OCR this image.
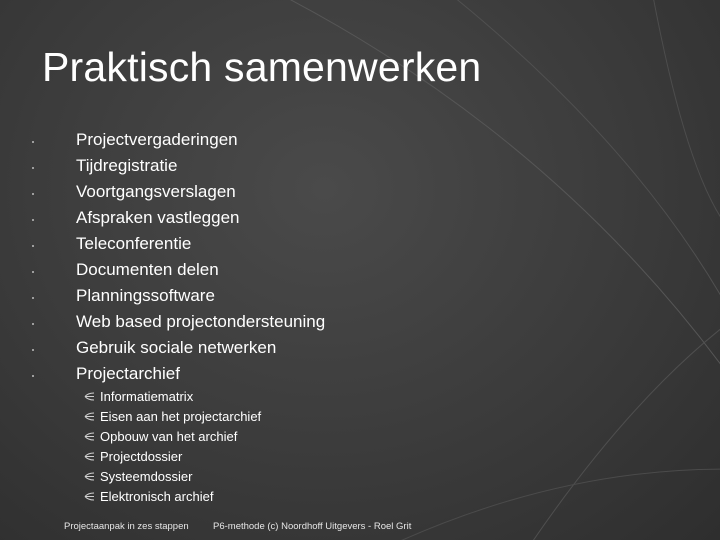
Praktisch samenwerken
Projectvergaderingen
Tijdregistratie
Voortgangsverslagen
Afspraken vastleggen
Teleconferentie
Documenten delen
Planningssoftware
Web based projectondersteuning
Gebruik sociale netwerken
Projectarchief
Informatiematrix
Eisen aan het projectarchief
Opbouw van het archief
Projectdossier
Systeemdossier
Elektronisch archief
Projectaanpak in zes stappen	P6-methode (c) Noordhoff Uitgevers - Roel Grit
